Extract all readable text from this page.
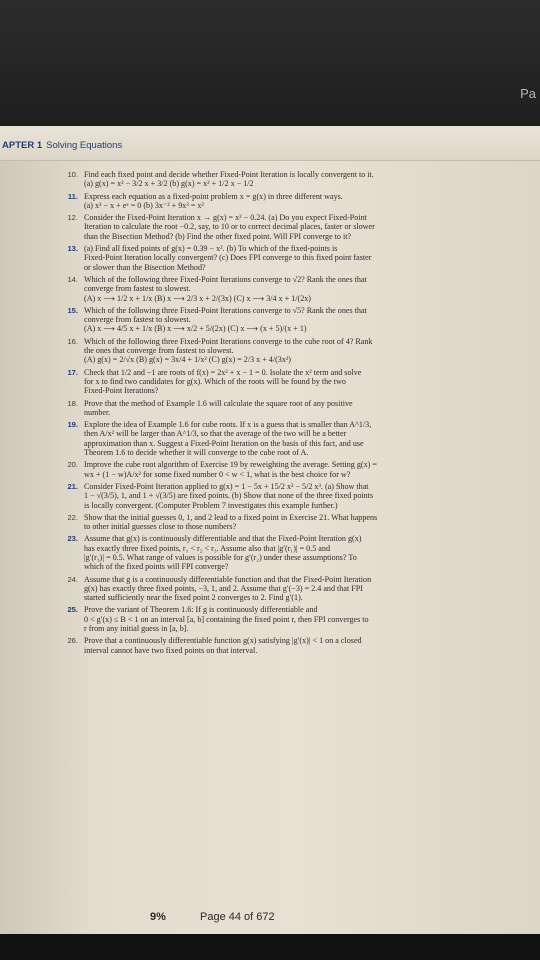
Pa
APTER 1 Solving Equations
10. Find each fixed point and decide whether Fixed-Point Iteration is locally convergent to it.
(a) g(x) = x² − 3/2 x + 3/2 (b) g(x) = x² + 1/2 x − 1/2
11. Express each equation as a fixed-point problem x = g(x) in three different ways.
(a) x³ − x + eˣ = 0 (b) 3x⁻² + 9x³ = x²
12. Consider the Fixed-Point Iteration x → g(x) = x² − 0.24. (a) Do you expect Fixed-Point
Iteration to calculate the root −0.2, say, to 10 or to correct decimal places, faster or slower
than the Bisection Method? (b) Find the other fixed point. Will FPI converge to it?
13. (a) Find all fixed points of g(x) = 0.39 − x². (b) To which of the fixed-points is
Fixed-Point Iteration locally convergent? (c) Does FPI converge to this fixed point faster
or slower than the Bisection Method?
14. Which of the following three Fixed-Point Iterations converge to √2? Rank the ones that
converge from fastest to slowest.
(A) x ⟶ 1/2 x + 1/x (B) x ⟶ 2/3 x + 2/(3x) (C) x ⟶ 3/4 x + 1/(2x)
15. Which of the following three Fixed-Point Iterations converge to √5? Rank the ones that
converge from fastest to slowest.
(A) x ⟶ 4/5 x + 1/x (B) x ⟶ x/2 + 5/(2x) (C) x ⟶ (x + 5)/(x + 1)
16. Which of the following three Fixed-Point Iterations converge to the cube root of 4? Rank
the ones that converge from fastest to slowest.
(A) g(x) = 2/√x (B) g(x) = 3x/4 + 1/x² (C) g(x) = 2/3 x + 4/(3x²)
17. Check that 1/2 and −1 are roots of f(x) = 2x² + x − 1 = 0. Isolate the x² term and solve
for x to find two candidates for g(x). Which of the roots will be found by the two
Fixed-Point Iterations?
18. Prove that the method of Example 1.6 will calculate the square root of any positive
number.
19. Explore the idea of Example 1.6 for cube roots. If x is a guess that is smaller than A^1/3,
then A/x² will be larger than A^1/3, so that the average of the two will be a better
approximation than x. Suggest a Fixed-Point Iteration on the basis of this fact, and use
Theorem 1.6 to decide whether it will converge to the cube root of A.
20. Improve the cube root algorithm of Exercise 19 by reweighting the average. Setting g(x) =
wx + (1 − w)A/x² for some fixed number 0 < w < 1, what is the best choice for w?
21. Consider Fixed-Point Iteration applied to g(x) = 1 − 5x + 15/2 x² − 5/2 x³. (a) Show that
1 − √(3/5), 1, and 1 + √(3/5) are fixed points. (b) Show that none of the three fixed points
is locally convergent. (Computer Problem 7 investigates this example further.)
22. Show that the initial guesses 0, 1, and 2 lead to a fixed point in Exercise 21. What happens
to other initial guesses close to those numbers?
23. Assume that g(x) is continuously differentiable and that the Fixed-Point Iteration g(x)
has exactly three fixed points, r₁ < r₂ < r₃. Assume also that |g′(r₁)| = 0.5 and
|g′(r₃)| = 0.5. What range of values is possible for g′(r₂) under these assumptions? To
which of the fixed points will FPI converge?
24. Assume that g is a continuously differentiable function and that the Fixed-Point Iteration
g(x) has exactly three fixed points, −3, 1, and 2. Assume that g′(−3) = 2.4 and that FPI
started sufficiently near the fixed point 2 converges to 2. Find g′(1).
25. Prove the variant of Theorem 1.6: If g is continuously differentiable and
0 < g′(x) ≤ B < 1 on an interval [a, b] containing the fixed point r, then FPI converges to
r from any initial guess in [a, b].
26. Prove that a continuously differentiable function g(x) satisfying |g′(x)| < 1 on a closed
interval cannot have two fixed points on that interval.
9%	Page 44 of 672
